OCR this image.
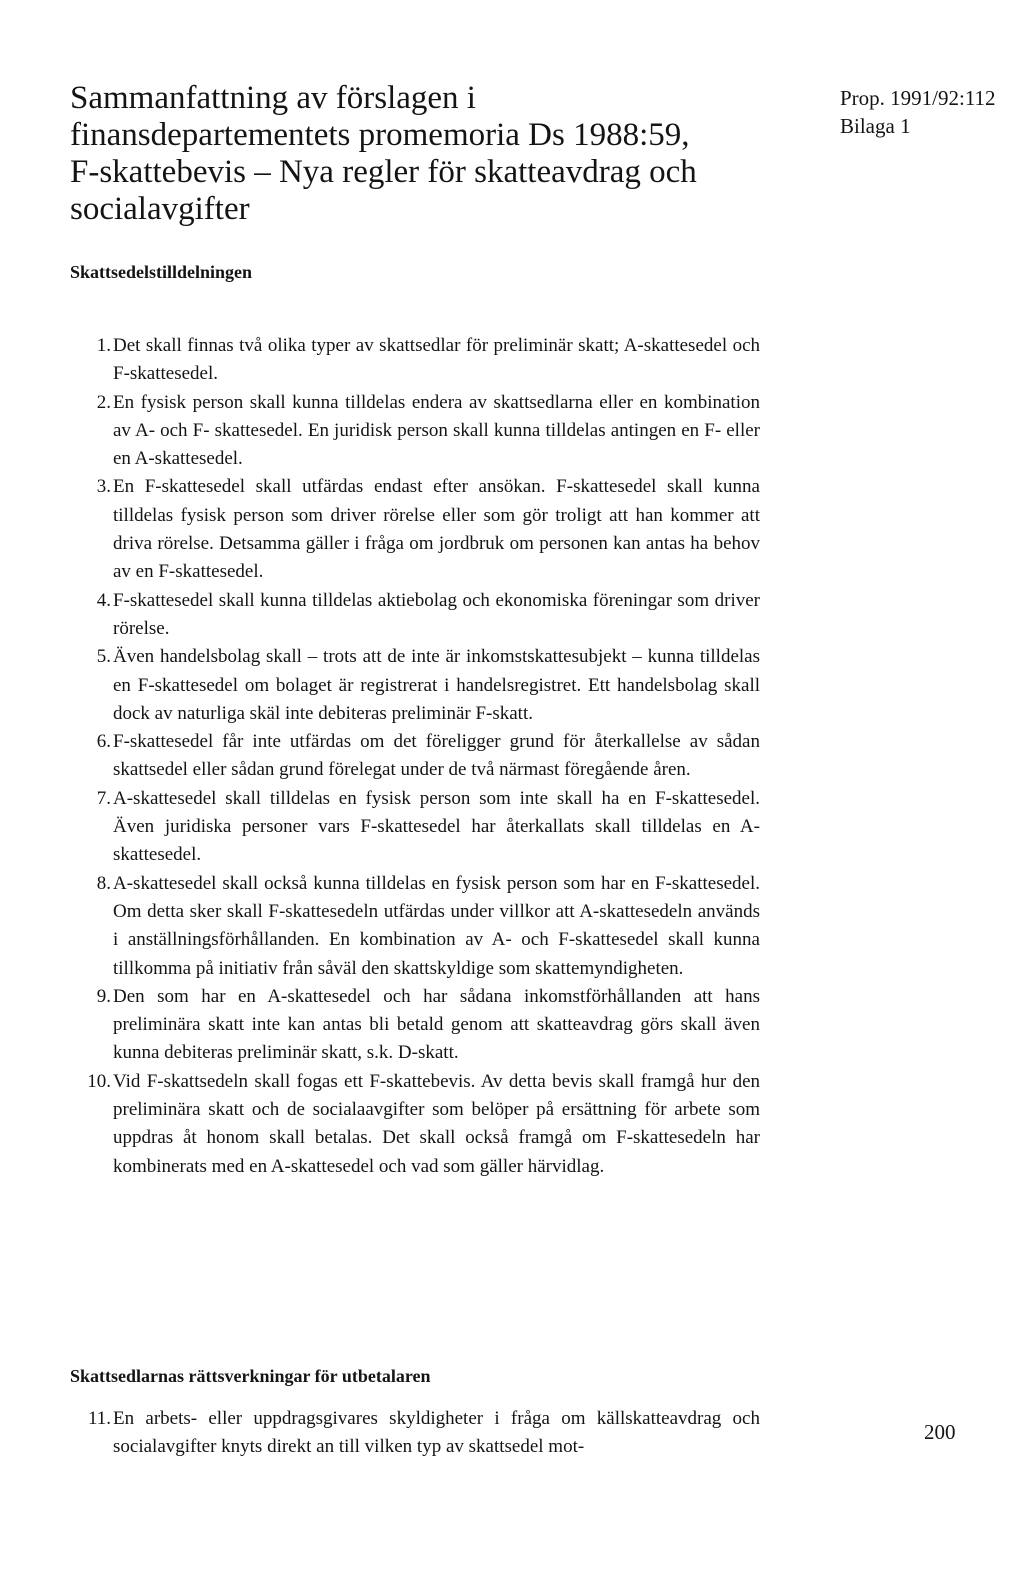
Sammanfattning av förslagen i finansdepartementets promemoria Ds 1988:59, F-skattebevis – Nya regler för skatteavdrag och socialavgifter
Prop. 1991/92:112
Bilaga 1
Skattsedelstilldelningen
1. Det skall finnas två olika typer av skattsedlar för preliminär skatt; A-skattesedel och F-skattesedel.
2. En fysisk person skall kunna tilldelas endera av skattsedlarna eller en kombination av A- och F- skattesedel. En juridisk person skall kunna tilldelas antingen en F- eller en A-skattesedel.
3. En F-skattesedel skall utfärdas endast efter ansökan. F-skattesedel skall kunna tilldelas fysisk person som driver rörelse eller som gör troligt att han kommer att driva rörelse. Detsamma gäller i fråga om jordbruk om personen kan antas ha behov av en F-skattesedel.
4. F-skattesedel skall kunna tilldelas aktiebolag och ekonomiska föreningar som driver rörelse.
5. Även handelsbolag skall – trots att de inte är inkomstskattesubjekt – kunna tilldelas en F-skattesedel om bolaget är registrerat i handelsregistret. Ett handelsbolag skall dock av naturliga skäl inte debiteras preliminär F-skatt.
6. F-skattesedel får inte utfärdas om det föreligger grund för återkallelse av sådan skattsedel eller sådan grund förelegat under de två närmast föregående åren.
7. A-skattesedel skall tilldelas en fysisk person som inte skall ha en F-skattesedel. Även juridiska personer vars F-skattesedel har återkallats skall tilldelas en A-skattesedel.
8. A-skattesedel skall också kunna tilldelas en fysisk person som har en F-skattesedel. Om detta sker skall F-skattesedeln utfärdas under villkor att A-skattesedeln används i anställningsförhållanden. En kombination av A- och F-skattesedel skall kunna tillkomma på initiativ från såväl den skattskyldige som skattemyndigheten.
9. Den som har en A-skattesedel och har sådana inkomstförhållanden att hans preliminära skatt inte kan antas bli betald genom att skatteavdrag görs skall även kunna debiteras preliminär skatt, s.k. D-skatt.
10. Vid F-skattsedeln skall fogas ett F-skattebevis. Av detta bevis skall framgå hur den preliminära skatt och de socialaavgifter som belöper på ersättning för arbete som uppdras åt honom skall betalas. Det skall också framgå om F-skattesedeln har kombinerats med en A-skattesedel och vad som gäller härvidlag.
Skattsedlarnas rättsverkningar för utbetalaren
11. En arbets- eller uppdragsgivares skyldigheter i fråga om källskatteavdrag och socialavgifter knyts direkt an till vilken typ av skattsedel mot-
200
